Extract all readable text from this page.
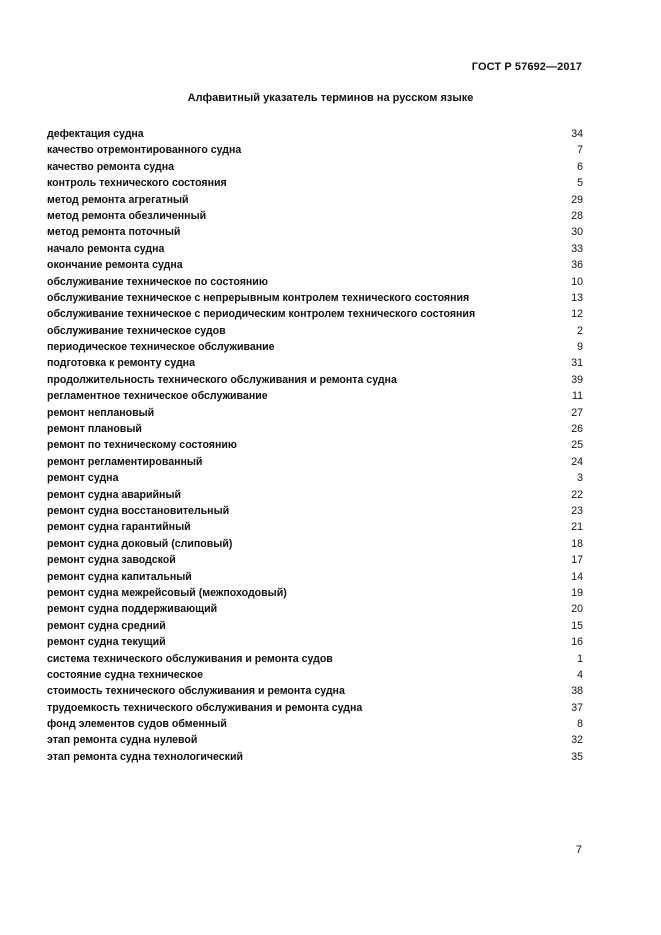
ГОСТ Р 57692—2017
Алфавитный указатель терминов на русском языке
дефектация судна	34
качество отремонтированного судна	7
качество ремонта судна	6
контроль технического состояния	5
метод ремонта агрегатный	29
метод ремонта обезличенный	28
метод ремонта поточный	30
начало ремонта судна	33
окончание ремонта судна	36
обслуживание техническое по состоянию	10
обслуживание техническое с непрерывным контролем технического состояния	13
обслуживание техническое с периодическим контролем технического состояния	12
обслуживание техническое судов	2
периодическое техническое обслуживание	9
подготовка к ремонту судна	31
продолжительность технического обслуживания и ремонта судна	39
регламентное техническое обслуживание	11
ремонт неплановый	27
ремонт плановый	26
ремонт по техническому состоянию	25
ремонт регламентированный	24
ремонт судна	3
ремонт судна аварийный	22
ремонт судна восстановительный	23
ремонт судна гарантийный	21
ремонт судна доковый (слиповый)	18
ремонт судна заводской	17
ремонт судна капитальный	14
ремонт судна межрейсовый (межпоходовый)	19
ремонт судна поддерживающий	20
ремонт судна средний	15
ремонт судна текущий	16
система технического обслуживания и ремонта судов	1
состояние судна техническое	4
стоимость технического обслуживания и ремонта судна	38
трудоемкость технического обслуживания и ремонта судна	37
фонд элементов судов обменный	8
этап ремонта судна нулевой	32
этап ремонта судна технологический	35
7
